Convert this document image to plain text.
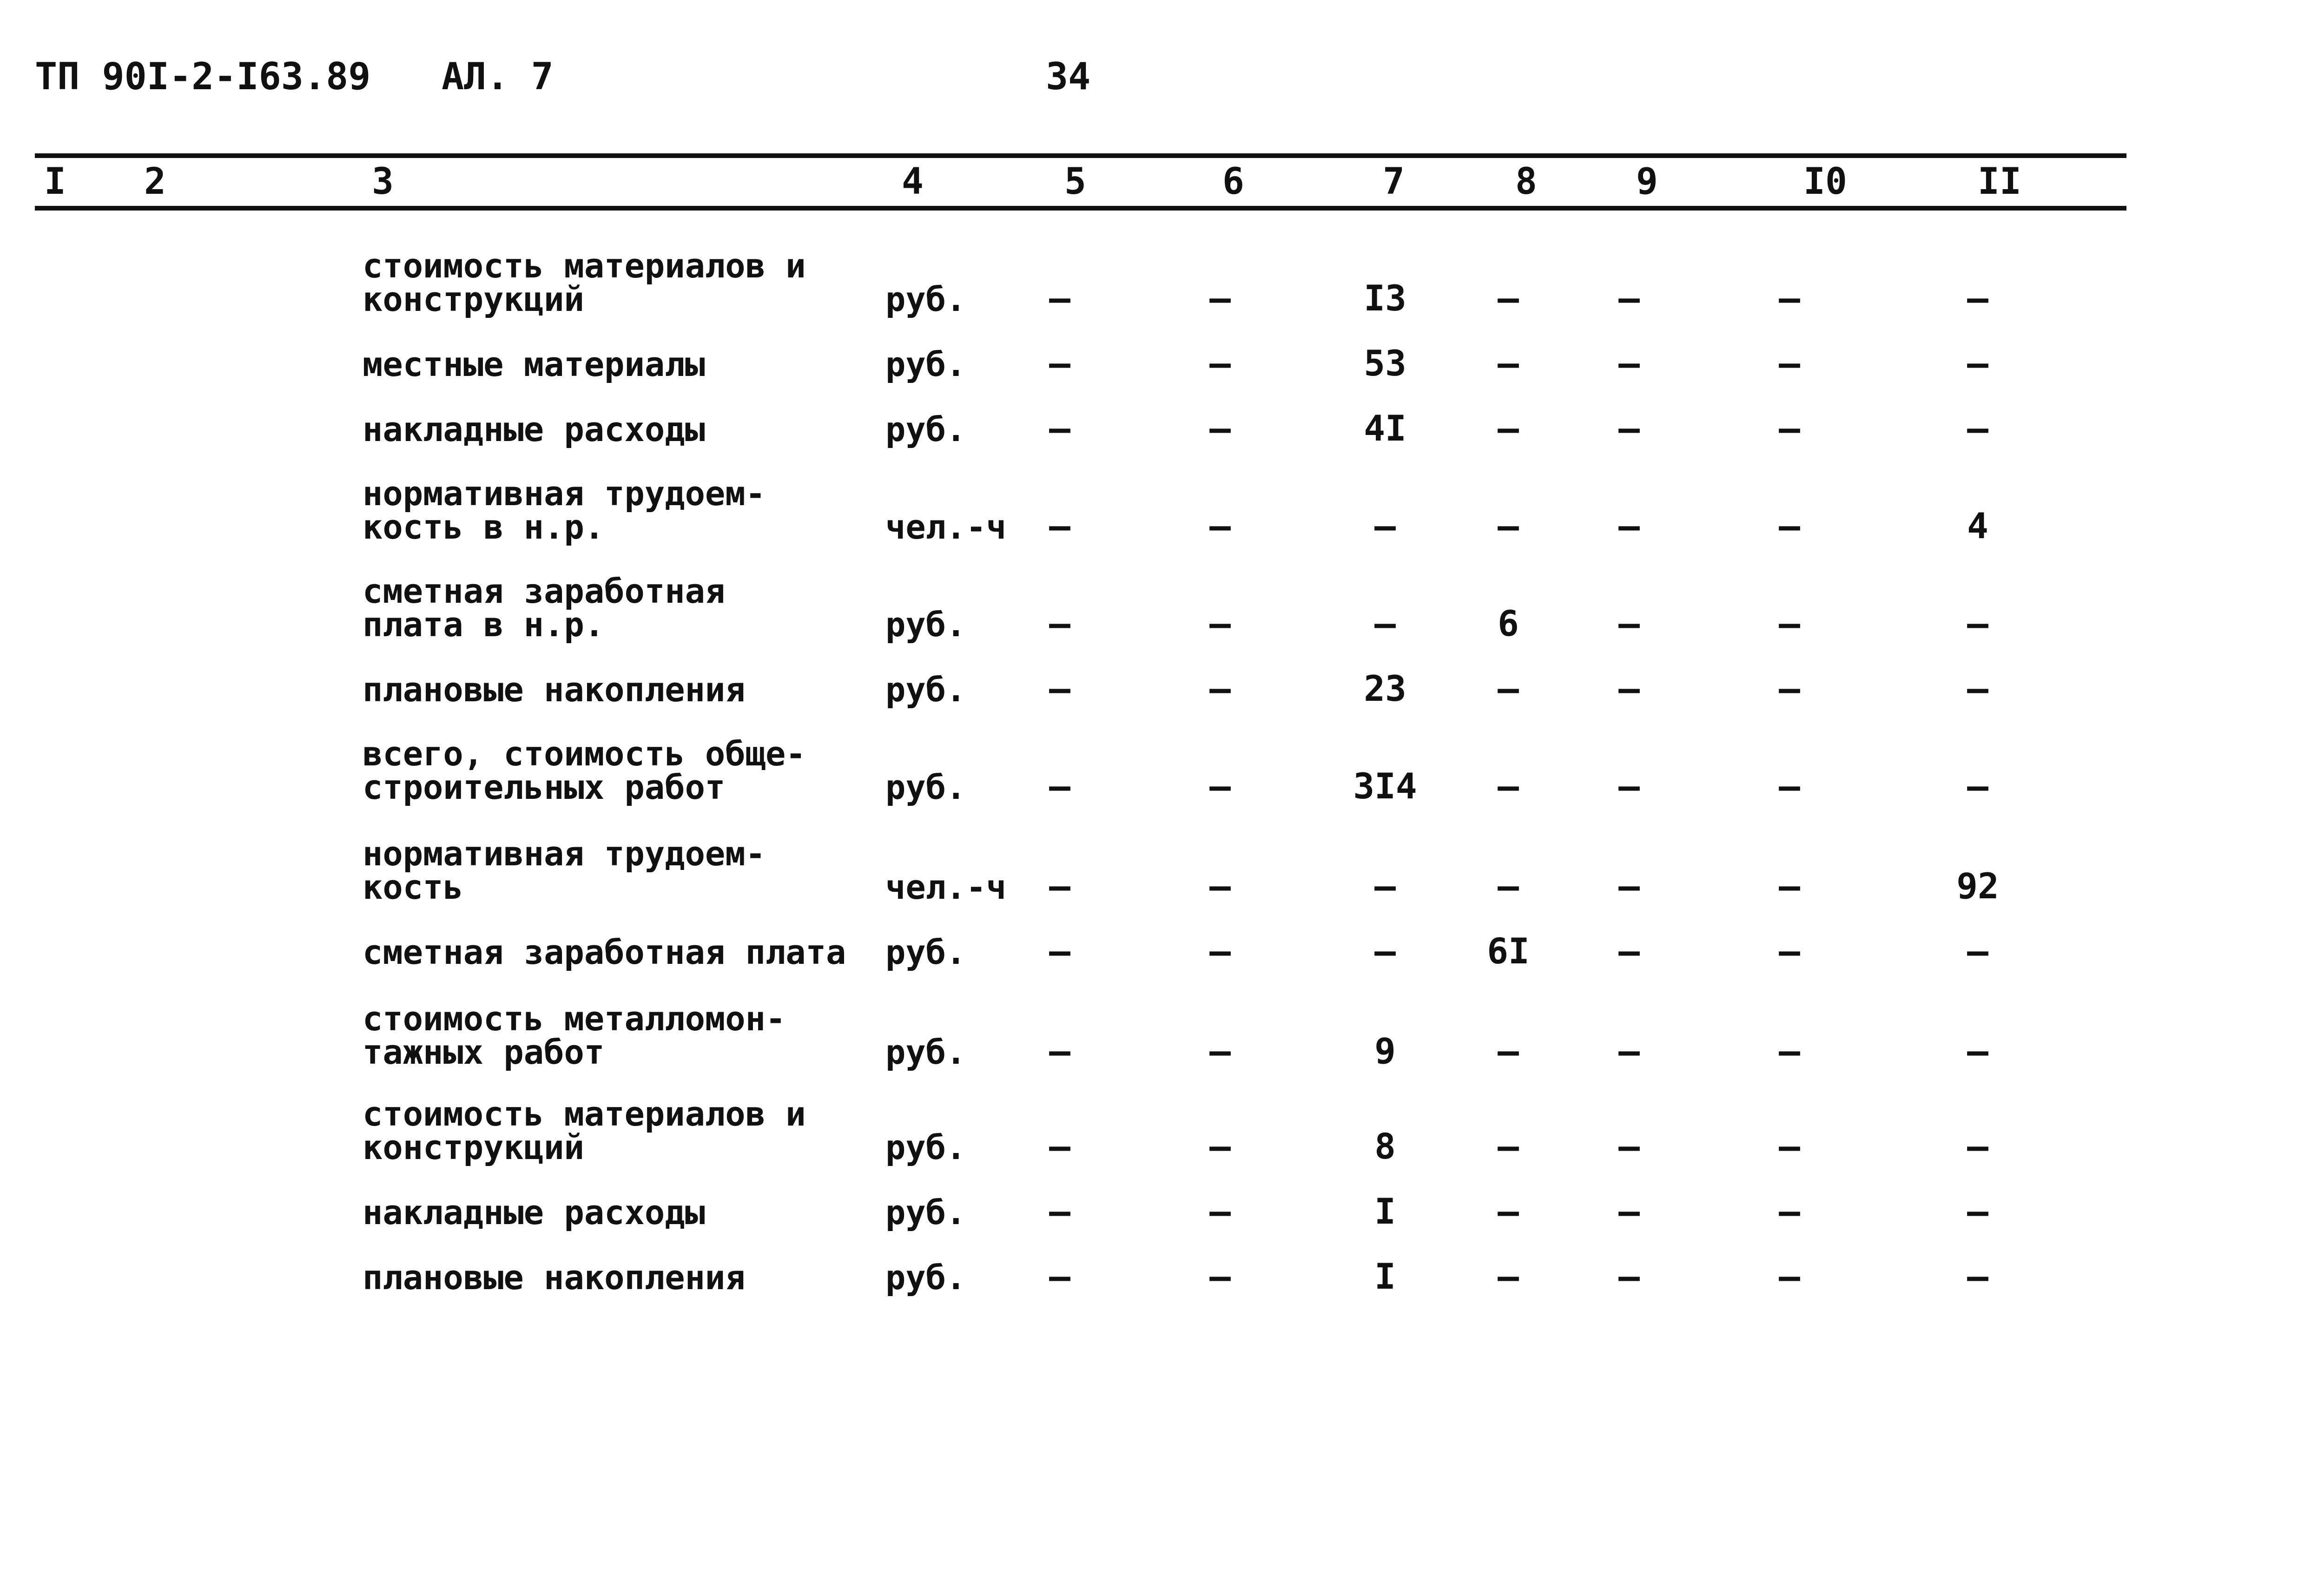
ТП 90I-2-I63.89 АЛ. 7	34
I 2	3	4	5	6	7	8	9	I0	II
стоимость материалов и
конструкций	руб.	–	–	I3	–	–	–	–
местные материалы	руб.	–	–	53	–	–	–	–
накладные расходы	руб.	–	–	4I	–	–	–	–
нормативная трудоем-
кость в н.р.	чел.-ч	–	–	–	–	–	–	4
сметная заработная
плата в н.р.	руб.	–	–	–	6	–	–	–
плановые накопления	руб.	–	–	23	–	–	–	–
всего, стоимость обще-
строительных работ	руб.	–	–	3I4	–	–	–	–
нормативная трудоем-
кость	чел.-ч	–	–	–	–	–	–	92
сметная заработная плата руб.	–	–	–	6I	–	–	–
стоимость металломон-
тажных работ	руб.	–	–	9	–	–	–	–
стоимость материалов и
конструкций	руб.	–	–	8	–	–	–	–
накладные расходы	руб.	–	–	I	–	–	–	–
плановые накопления	руб.	–	–	I	–	–	–	–
